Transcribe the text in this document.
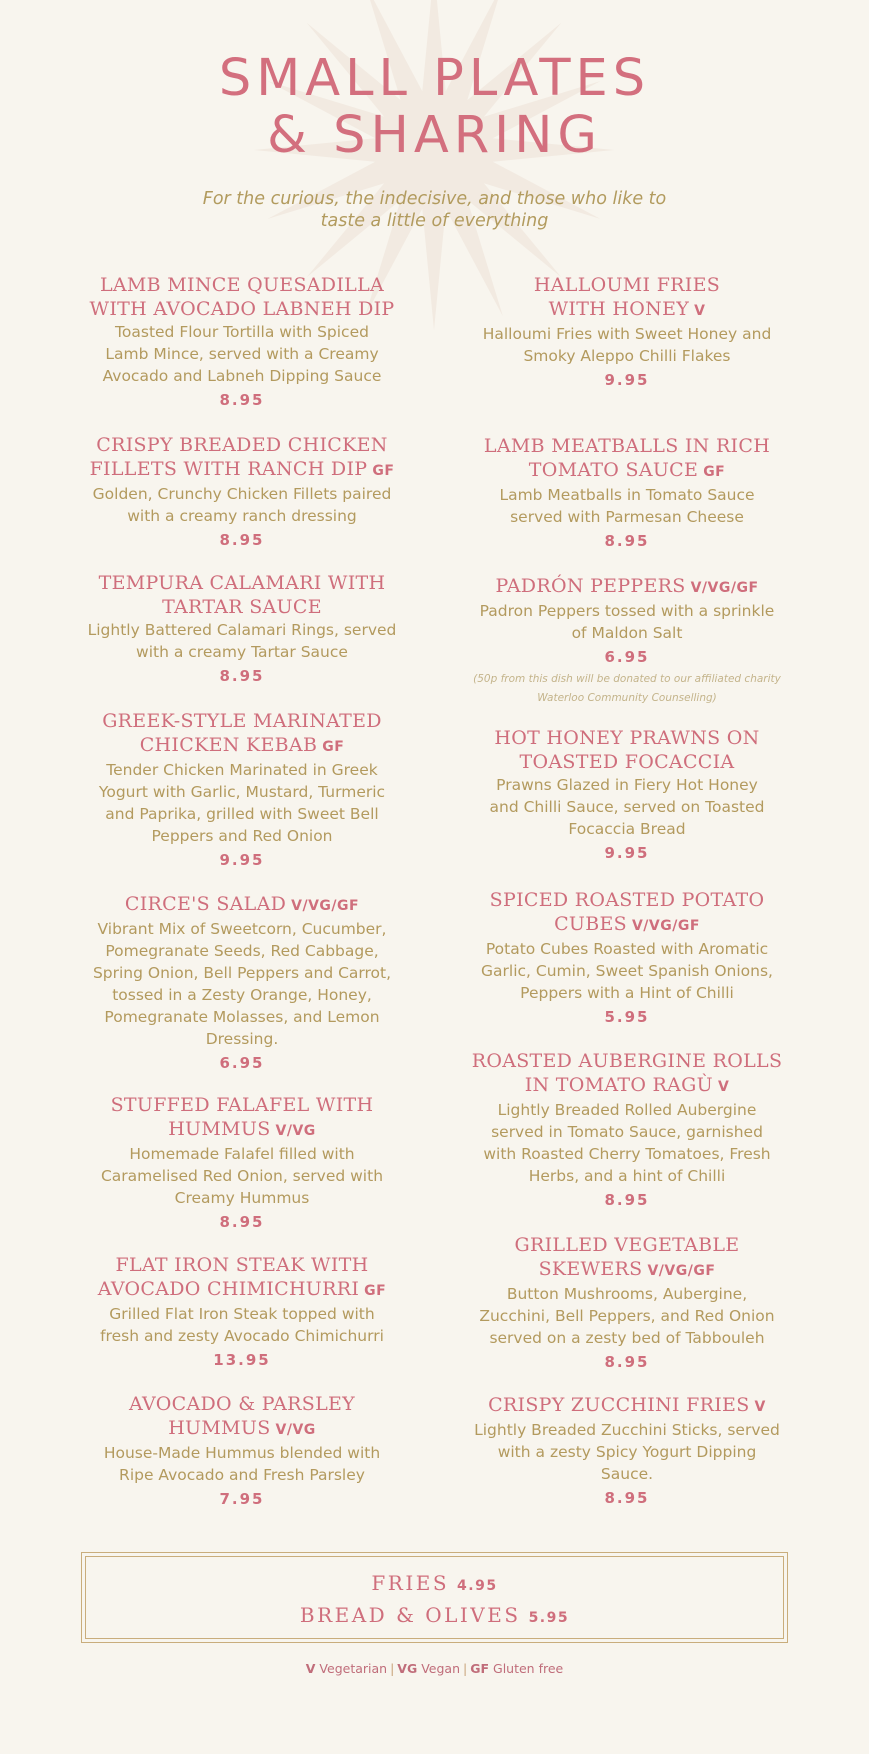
SMALL PLATES
& SHARING
For the curious, the indecisive, and those who like to
taste a little of everything
LAMB MINCE QUESADILLA
WITH AVOCADO LABNEH DIP
Toasted Flour Tortilla with Spiced
Lamb Mince, served with a Creamy
Avocado and Labneh Dipping Sauce
8.95
CRISPY BREADED CHICKEN
FILLETS WITH RANCH DIP GF
Golden, Crunchy Chicken Fillets paired
with a creamy ranch dressing
8.95
TEMPURA CALAMARI WITH
TARTAR SAUCE
Lightly Battered Calamari Rings, served
with a creamy Tartar Sauce
8.95
GREEK-STYLE MARINATED
CHICKEN KEBAB GF
Tender Chicken Marinated in Greek
Yogurt with Garlic, Mustard, Turmeric
and Paprika, grilled with Sweet Bell
Peppers and Red Onion
9.95
CIRCE'S SALAD V/VG/GF
Vibrant Mix of Sweetcorn, Cucumber,
Pomegranate Seeds, Red Cabbage,
Spring Onion, Bell Peppers and Carrot,
tossed in a Zesty Orange, Honey,
Pomegranate Molasses, and Lemon
Dressing.
6.95
STUFFED FALAFEL WITH
HUMMUS V/VG
Homemade Falafel filled with
Caramelised Red Onion, served with
Creamy Hummus
8.95
FLAT IRON STEAK WITH
AVOCADO CHIMICHURRI GF
Grilled Flat Iron Steak topped with
fresh and zesty Avocado Chimichurri
13.95
AVOCADO & PARSLEY
HUMMUS V/VG
House-Made Hummus blended with
Ripe Avocado and Fresh Parsley
7.95
HALLOUMI FRIES
WITH HONEY V
Halloumi Fries with Sweet Honey and
Smoky Aleppo Chilli Flakes
9.95
LAMB MEATBALLS IN RICH
TOMATO SAUCE GF
Lamb Meatballs in Tomato Sauce
served with Parmesan Cheese
8.95
PADRÓN PEPPERS V/VG/GF
Padron Peppers tossed with a sprinkle
of Maldon Salt
6.95
(50p from this dish will be donated to our affiliated charity
Waterloo Community Counselling)
HOT HONEY PRAWNS ON
TOASTED FOCACCIA
Prawns Glazed in Fiery Hot Honey
and Chilli Sauce, served on Toasted
Focaccia Bread
9.95
SPICED ROASTED POTATO
CUBES V/VG/GF
Potato Cubes Roasted with Aromatic
Garlic, Cumin, Sweet Spanish Onions,
Peppers with a Hint of Chilli
5.95
ROASTED AUBERGINE ROLLS
IN TOMATO RAGÙ V
Lightly Breaded Rolled Aubergine
served in Tomato Sauce, garnished
with Roasted Cherry Tomatoes, Fresh
Herbs, and a hint of Chilli
8.95
GRILLED VEGETABLE
SKEWERS V/VG/GF
Button Mushrooms, Aubergine,
Zucchini, Bell Peppers, and Red Onion
served on a zesty bed of Tabbouleh
8.95
CRISPY ZUCCHINI FRIES V
Lightly Breaded Zucchini Sticks, served
with a zesty Spicy Yogurt Dipping
Sauce.
8.95
FRIES 4.95
BREAD & OLIVES 5.95
V Vegetarian | VG Vegan | GF Gluten free
